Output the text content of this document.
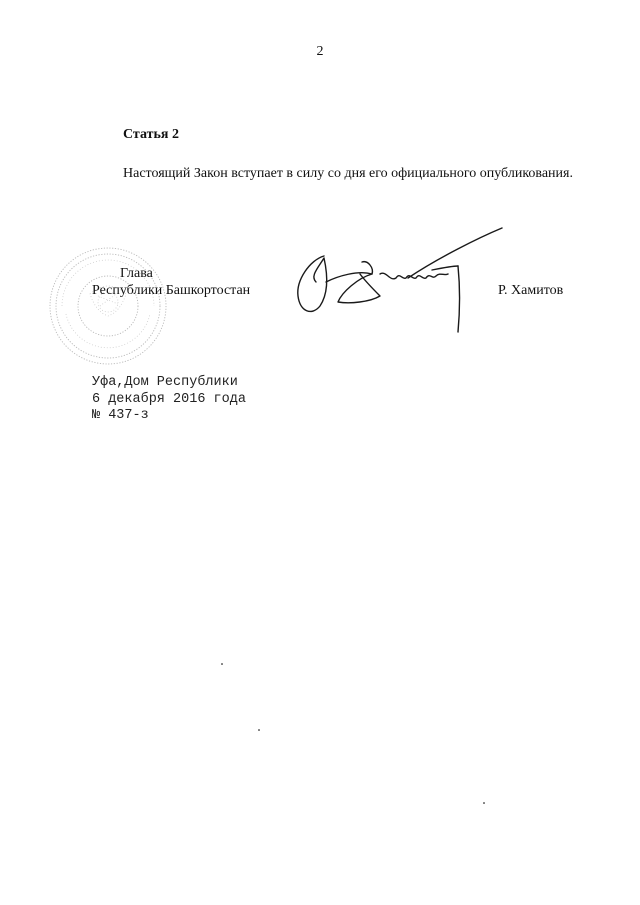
2
Статья 2

Настоящий Закон вступает в силу со дня его официального опубликования.

Глава
Республики Башкортостан	Р. Хамитов
Уфа,Дом Республики
6 декабря 2016 года
№ 437-з
